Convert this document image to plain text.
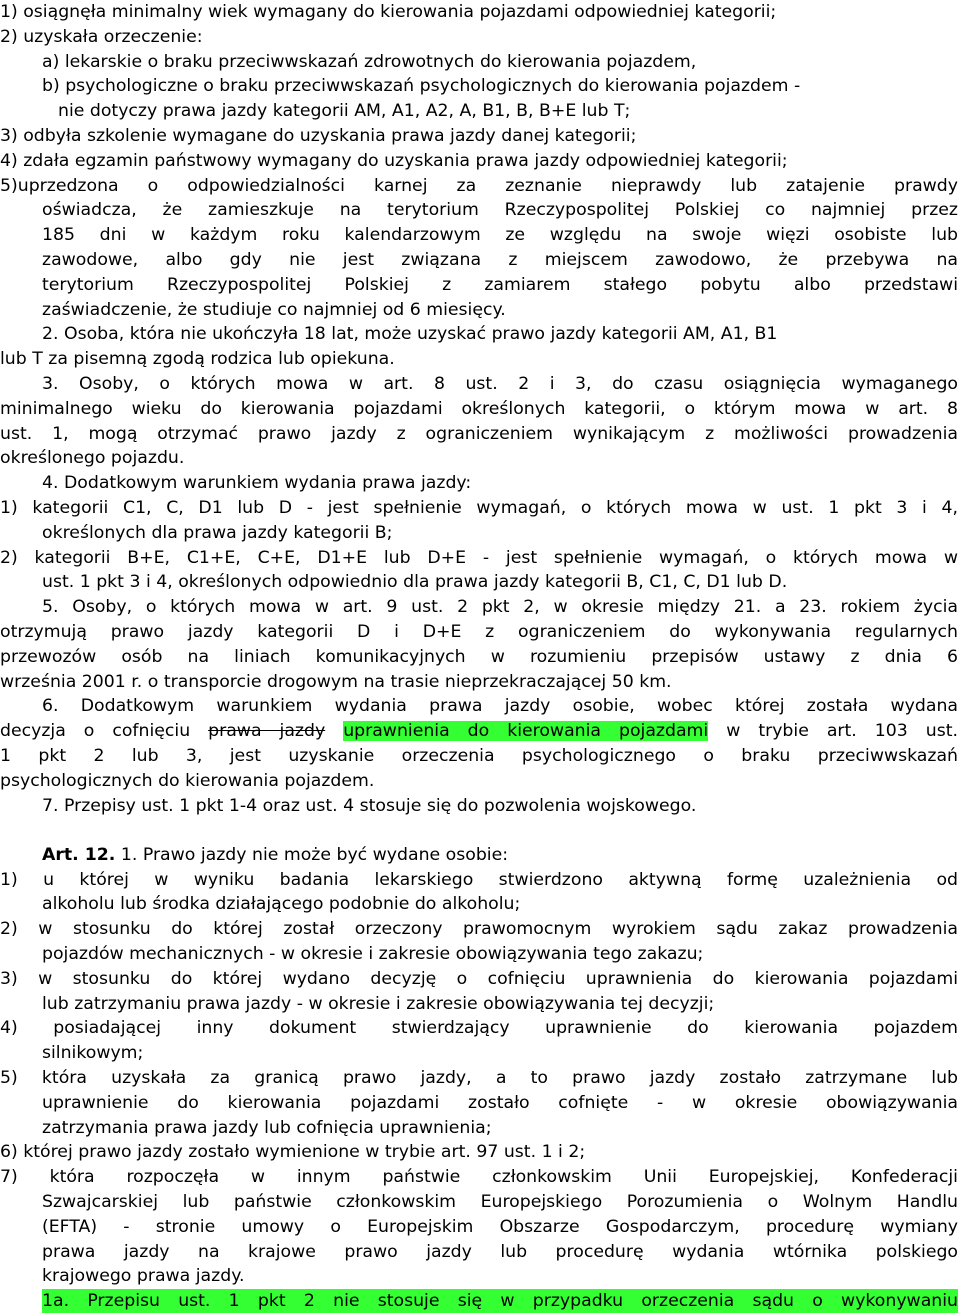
1) osiągnęła minimalny wiek wymagany do kierowania pojazdami odpowiedniej kategorii;
2) uzyskała orzeczenie:
a) lekarskie o braku przeciwwskazań zdrowotnych do kierowania pojazdem,
b) psychologiczne o braku przeciwwskazań psychologicznych do kierowania pojazdem -
nie dotyczy prawa jazdy kategorii AM, A1, A2, A, B1, B, B+E lub T;
3) odbyła szkolenie wymagane do uzyskania prawa jazdy danej kategorii;
4) zdała egzamin państwowy wymagany do uzyskania prawa jazdy odpowiedniej kategorii;
5)uprzedzona o odpowiedzialności karnej za zeznanie nieprawdy lub zatajenie prawdy
oświadcza, że zamieszkuje na terytorium Rzeczypospolitej Polskiej co najmniej przez
185 dni w każdym roku kalendarzowym ze względu na swoje więzi osobiste lub
zawodowe, albo gdy nie jest związana z miejscem zawodowo, że przebywa na
terytorium Rzeczypospolitej Polskiej z zamiarem stałego pobytu albo przedstawi
zaświadczenie, że studiuje co najmniej od 6 miesięcy.
2. Osoba, która nie ukończyła 18 lat, może uzyskać prawo jazdy kategorii AM, A1, B1
lub T za pisemną zgodą rodzica lub opiekuna.
3. Osoby, o których mowa w art. 8 ust. 2 i 3, do czasu osiągnięcia wymaganego
minimalnego wieku do kierowania pojazdami określonych kategorii, o którym mowa w art. 8
ust. 1, mogą otrzymać prawo jazdy z ograniczeniem wynikającym z możliwości prowadzenia
określonego pojazdu.
4. Dodatkowym warunkiem wydania prawa jazdy:
1) kategorii C1, C, D1 lub D - jest spełnienie wymagań, o których mowa w ust. 1 pkt 3 i 4,
określonych dla prawa jazdy kategorii B;
2) kategorii B+E, C1+E, C+E, D1+E lub D+E - jest spełnienie wymagań, o których mowa w
ust. 1 pkt 3 i 4, określonych odpowiednio dla prawa jazdy kategorii B, C1, C, D1 lub D.
5. Osoby, o których mowa w art. 9 ust. 2 pkt 2, w okresie między 21. a 23. rokiem życia
otrzymują prawo jazdy kategorii D i D+E z ograniczeniem do wykonywania regularnych
przewozów osób na liniach komunikacyjnych w rozumieniu przepisów ustawy z dnia 6
września 2001 r. o transporcie drogowym na trasie nieprzekraczającej 50 km.
6. Dodatkowym warunkiem wydania prawa jazdy osobie, wobec której została wydana
decyzja o cofnięciu prawa jazdy uprawnienia do kierowania pojazdami w trybie art. 103 ust.
1 pkt 2 lub 3, jest uzyskanie orzeczenia psychologicznego o braku przeciwwskazań
psychologicznych do kierowania pojazdem.
7. Przepisy ust. 1 pkt 1-4 oraz ust. 4 stosuje się do pozwolenia wojskowego.
Art. 12. 1. Prawo jazdy nie może być wydane osobie:
1) u której w wyniku badania lekarskiego stwierdzono aktywną formę uzależnienia od
alkoholu lub środka działającego podobnie do alkoholu;
2) w stosunku do której został orzeczony prawomocnym wyrokiem sądu zakaz prowadzenia
pojazdów mechanicznych - w okresie i zakresie obowiązywania tego zakazu;
3) w stosunku do której wydano decyzję o cofnięciu uprawnienia do kierowania pojazdami
lub zatrzymaniu prawa jazdy - w okresie i zakresie obowiązywania tej decyzji;
4) posiadającej inny dokument stwierdzający uprawnienie do kierowania pojazdem
silnikowym;
5) która uzyskała za granicą prawo jazdy, a to prawo jazdy zostało zatrzymane lub
uprawnienie do kierowania pojazdami zostało cofnięte - w okresie obowiązywania
zatrzymania prawa jazdy lub cofnięcia uprawnienia;
6) której prawo jazdy zostało wymienione w trybie art. 97 ust. 1 i 2;
7) która rozpoczęła w innym państwie członkowskim Unii Europejskiej, Konfederacji
Szwajcarskiej lub państwie członkowskim Europejskiego Porozumienia o Wolnym Handlu
(EFTA) - stronie umowy o Europejskim Obszarze Gospodarczym, procedurę wymiany
prawa jazdy na krajowe prawo jazdy lub procedurę wydania wtórnika polskiego
krajowego prawa jazdy.
1a. Przepisu ust. 1 pkt 2 nie stosuje się w przypadku orzeczenia sądu o wykonywaniu
